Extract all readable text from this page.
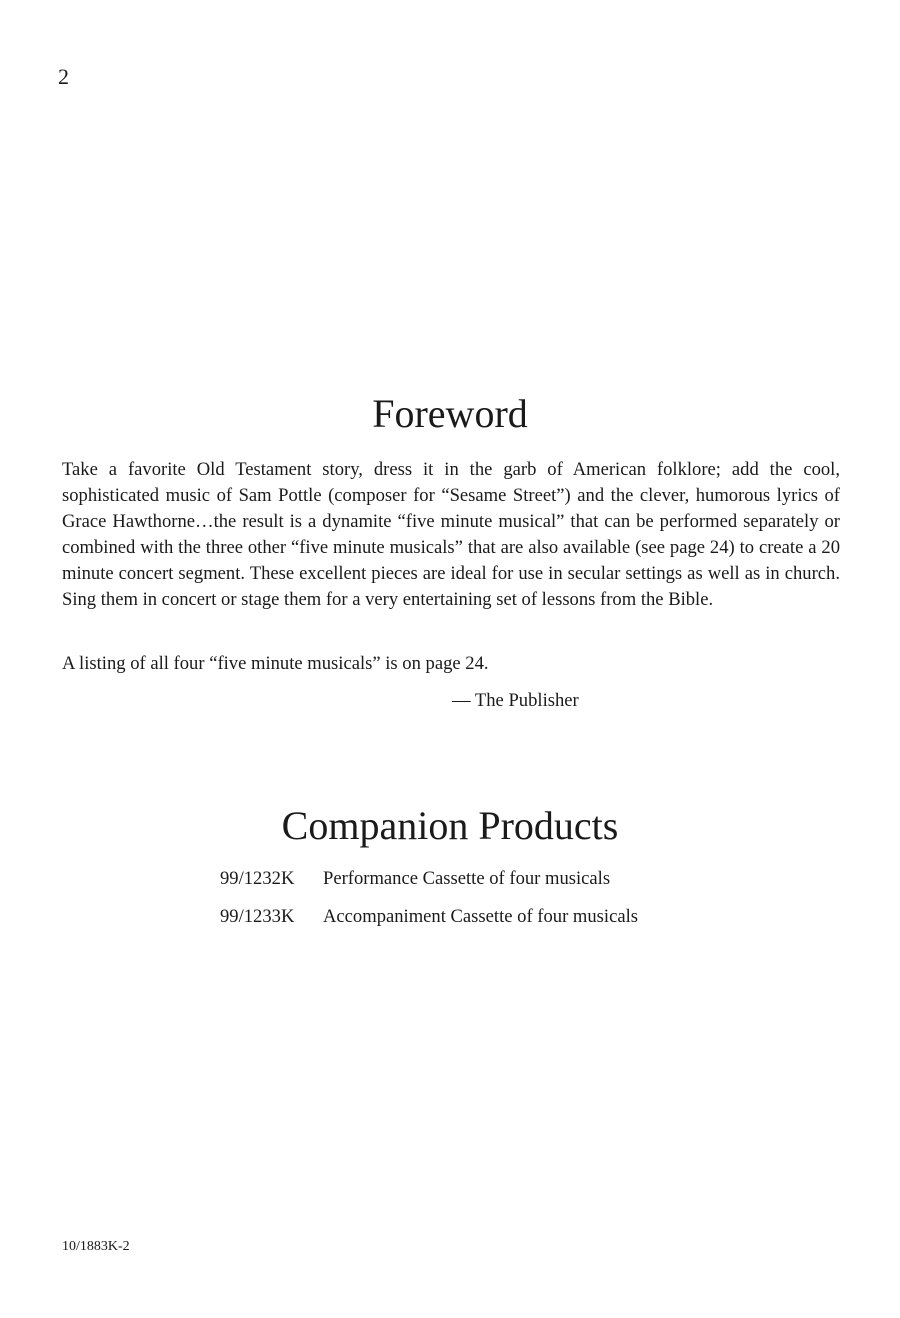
2
Foreword

Take a favorite Old Testament story, dress it in the garb of American folklore; add the cool, sophisticated music of Sam Pottle (composer for “Sesame Street”) and the clever, humorous lyrics of Grace Hawthorne…the result is a dynamite “five minute musical” that can be performed separately or combined with the three other “five minute musicals” that are also available (see page 24) to create a 20 minute concert segment. These excellent pieces are ideal for use in secular settings as well as in church. Sing them in concert or stage them for a very entertaining set of lessons from the Bible.

A listing of all four “five minute musicals” is on page 24.

— The Publisher
Companion Products
99/1232K	Performance Cassette of four musicals
99/1233K	Accompaniment Cassette of four musicals
10/1883K-2
